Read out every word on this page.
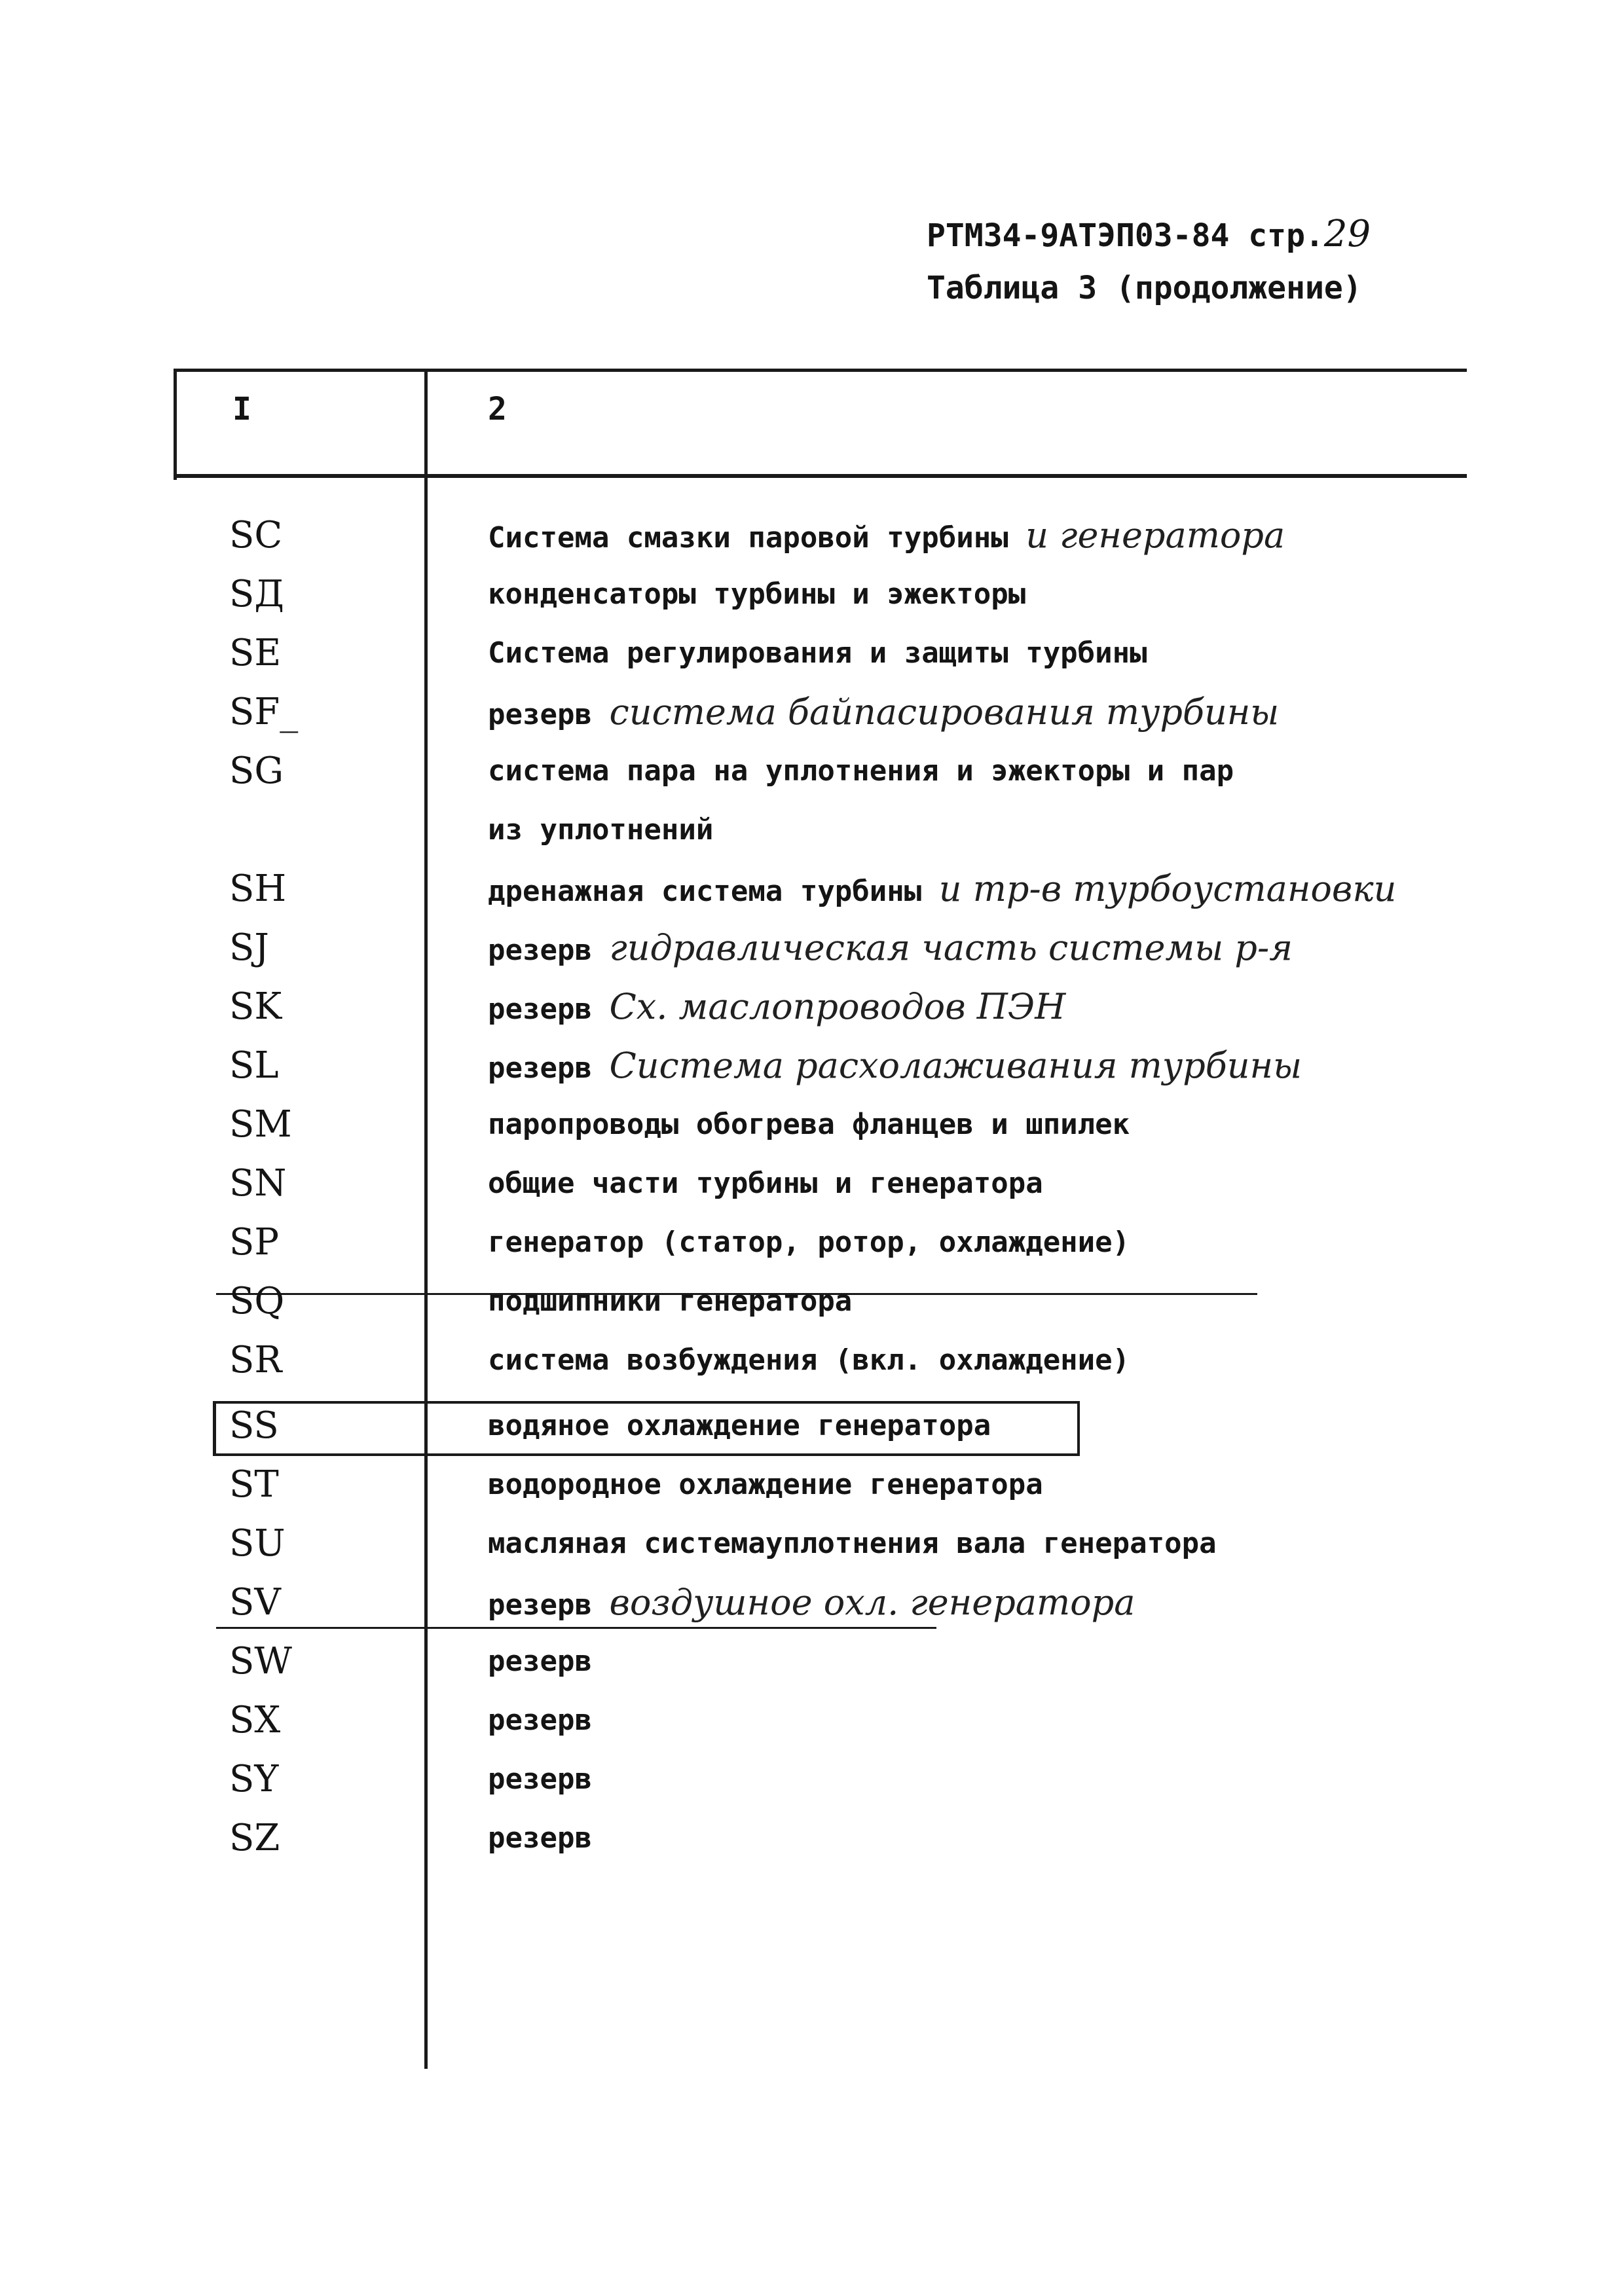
РТМ34-9АТЭП03-84 стр.29
Таблица 3 (продолжение)
I	2
SC	Система смазки паровой турбины и генератора
SД	конденсаторы турбины и эжекторы
SE	Система регулирования и защиты турбины
SF_	резерв система байпасирования турбины
SG	система пара на уплотнения и эжекторы и пар
из уплотнений
SH	дренажная система турбины и тр-в турбоустановки
SJ	резерв гидравлическая часть системы р-я
SK	резерв Сх. маслопроводов ПЭН
SL	резерв Система расхолаживания турбины
SM	паропроводы обогрева фланцев и шпилек
SN	общие части турбины и генератора
SP	генератор (статор, ротор, охлаждение)
SQ	подшипники генератора
SR	система возбуждения (вкл. охлаждение)
SS	водяное охлаждение генератора
ST	водородное охлаждение генератора
SU	масляная системауплотнения вала генератора
SV	резерв воздушное охл. генератора
SW	резерв
SX	резерв
SY	резерв
SZ	резерв
